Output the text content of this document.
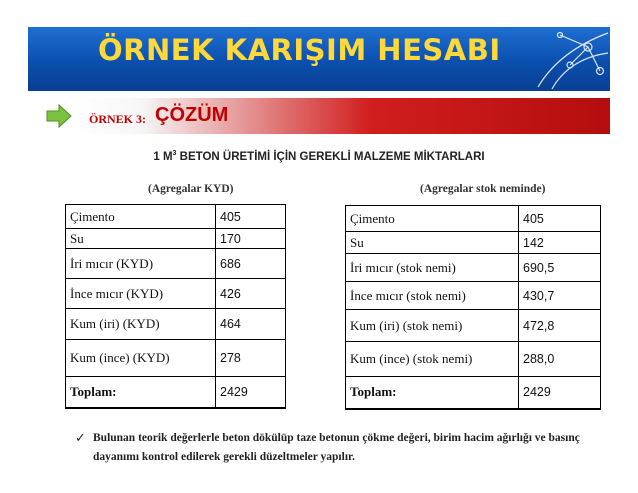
ÖRNEK KARIŞIM HESABI
ÖRNEK 3: ÇÖZÜM
1 $M^3$ BETON ÜRETİMİ İÇİN GEREKLİ MALZEME MİKTARLARI
(Agregalar KYD)	(Agregalar stok neminde)
Çimento	405
Su	170
İri mıcır (KYD)	686
İnce mıcır (KYD)	426
Kum (iri) (KYD)	464
Kum (ince) (KYD)	278
Toplam:	2429
Çimento	405
Su	142
İri mıcır (stok nemi)	690,5
İnce mıcır (stok nemi)	430,7
Kum (iri) (stok nemi)	472,8
Kum (ince) (stok nemi)	288,0
Toplam:	2429
✓ Bulunan teorik değerlerle beton dökülüp taze betonun çökme değeri, birim hacim ağırlığı ve basınç dayanımı kontrol edilerek gerekli düzeltmeler yapılır.
